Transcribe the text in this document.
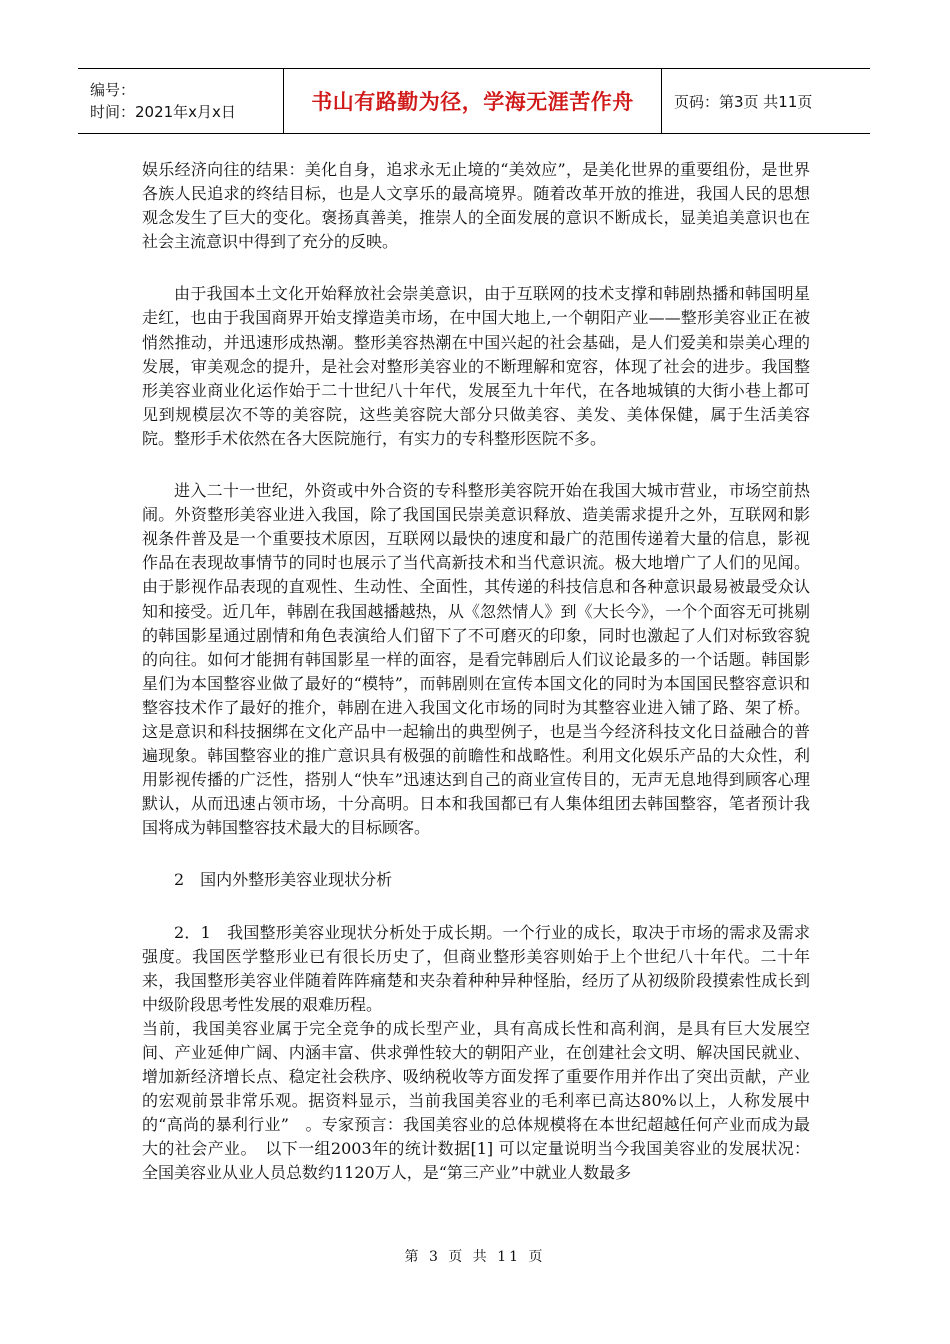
编号：
时间：2021年x月x日	书山有路勤为径，学海无涯苦作舟	页码：第3页 共11页

娱乐经济向往的结果：美化自身，追求永无止境的“美效应”，是美化世界的重要组份，是世界各族人民追求的终结目标，也是人文享乐的最高境界。随着改革开放的推进，我国人民的思想观念发生了巨大的变化。褒扬真善美，推崇人的全面发展的意识不断成长，显美追美意识也在社会主流意识中得到了充分的反映。

由于我国本土文化开始释放社会崇美意识，由于互联网的技术支撑和韩剧热播和韩国明星走红，也由于我国商界开始支撑造美市场，在中国大地上,一个朝阳产业——整形美容业正在被悄然推动，并迅速形成热潮。整形美容热潮在中国兴起的社会基础，是人们爱美和崇美心理的发展，审美观念的提升，是社会对整形美容业的不断理解和宽容，体现了社会的进步。我国整形美容业商业化运作始于二十世纪八十年代，发展至九十年代，在各地城镇的大街小巷上都可见到规模层次不等的美容院，这些美容院大部分只做美容、美发、美体保健，属于生活美容院。整形手术依然在各大医院施行，有实力的专科整形医院不多。

进入二十一世纪，外资或中外合资的专科整形美容院开始在我国大城市营业，市场空前热闹。外资整形美容业进入我国，除了我国国民崇美意识释放、造美需求提升之外，互联网和影视条件普及是一个重要技术原因，互联网以最快的速度和最广的范围传递着大量的信息，影视作品在表现故事情节的同时也展示了当代高新技术和当代意识流。极大地增广了人们的见闻。由于影视作品表现的直观性、生动性、全面性，其传递的科技信息和各种意识最易被最受众认知和接受。近几年，韩剧在我国越播越热，从《忽然情人》到《大长今》，一个个面容无可挑剔的韩国影星通过剧情和角色表演给人们留下了不可磨灭的印象，同时也激起了人们对标致容貌的向往。如何才能拥有韩国影星一样的面容，是看完韩剧后人们议论最多的一个话题。韩国影星们为本国整容业做了最好的“模特”，而韩剧则在宣传本国文化的同时为本国国民整容意识和整容技术作了最好的推介，韩剧在进入我国文化市场的同时为其整容业进入铺了路、架了桥。这是意识和科技捆绑在文化产品中一起输出的典型例子，也是当今经济科技文化日益融合的普遍现象。韩国整容业的推广意识具有极强的前瞻性和战略性。利用文化娱乐产品的大众性，利用影视传播的广泛性，搭别人“快车”迅速达到自己的商业宣传目的，无声无息地得到顾客心理默认，从而迅速占领市场，十分高明。日本和我国都已有人集体组团去韩国整容，笔者预计我国将成为韩国整容技术最大的目标顾客。

2　国内外整形美容业现状分析

2．1　我国整形美容业现状分析处于成长期。一个行业的成长，取决于市场的需求及需求强度。我国医学整形业已有很长历史了，但商业整形美容则始于上个世纪八十年代。二十年来，我国整形美容业伴随着阵阵痛楚和夹杂着种种异种怪胎，经历了从初级阶段摸索性成长到中级阶段思考性发展的艰难历程。

当前，我国美容业属于完全竞争的成长型产业，具有高成长性和高利润，是具有巨大发展空间、产业延伸广阔、内涵丰富、供求弹性较大的朝阳产业，在创建社会文明、解决国民就业、增加新经济增长点、稳定社会秩序、吸纳税收等方面发挥了重要作用并作出了突出贡献，产业的宏观前景非常乐观。据资料显示，当前我国美容业的毛利率已高达80%以上，人称发展中的“高尚的暴利行业”　。专家预言：我国美容业的总体规模将在本世纪超越任何产业而成为最大的社会产业。　以下一组2003年的统计数据[1] 可以定量说明当今我国美容业的发展状况：全国美容业从业人员总数约1120万人，是“第三产业”中就业人数最多

第 3 页 共 11 页
